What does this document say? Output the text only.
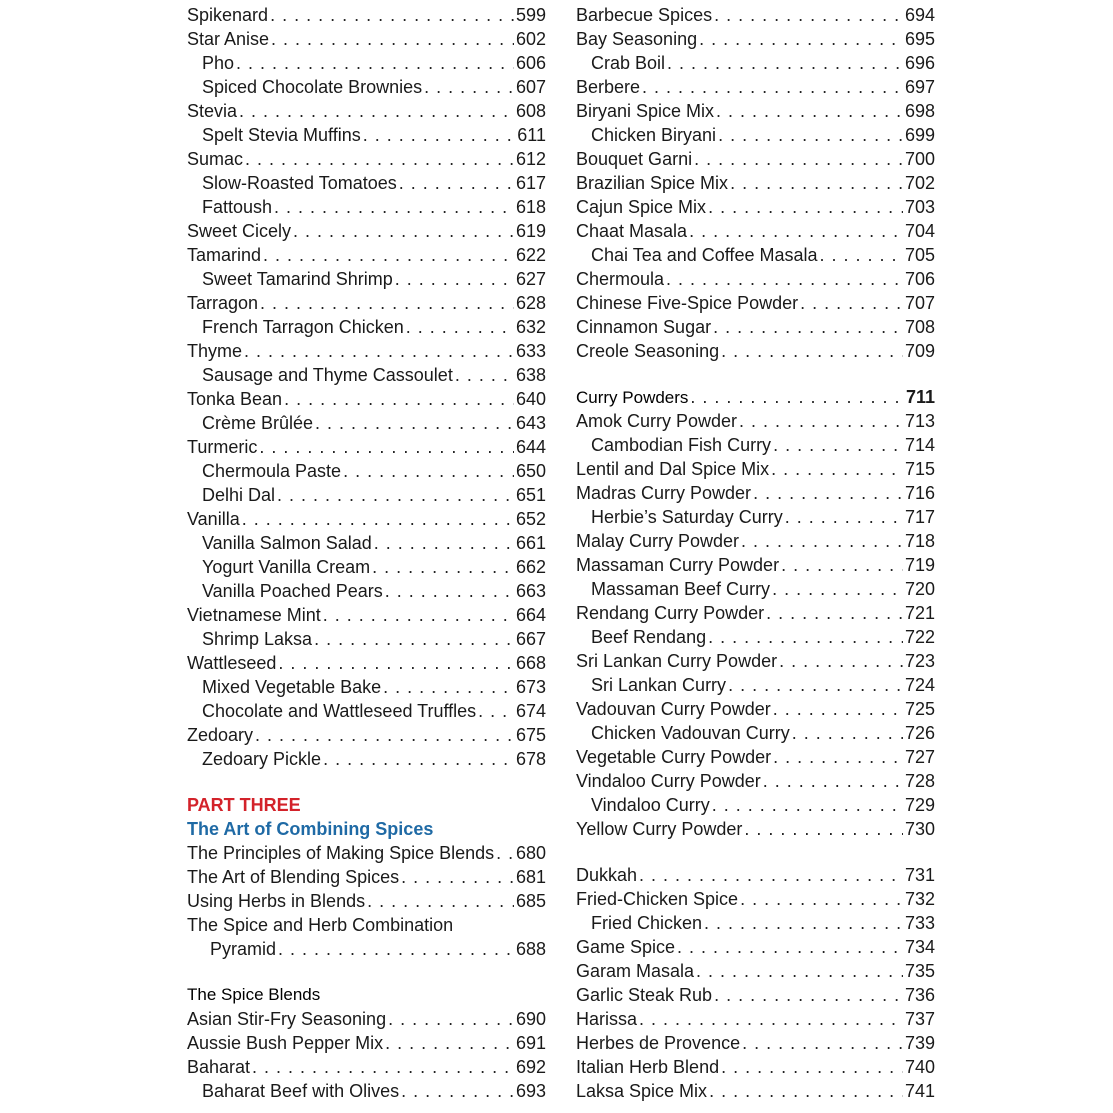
Spikenard . . .	599
Star Anise . . .	602
Pho . . .	606
Spiced Chocolate Brownies . . .	607
Stevia . . .	608
Spelt Stevia Muffins . . .	611
Sumac . . .	612
Slow-Roasted Tomatoes . . .	617
Fattoush . . .	618
Sweet Cicely . . .	619
Tamarind . . .	622
Sweet Tamarind Shrimp . . .	627
Tarragon . . .	628
French Tarragon Chicken . . .	632
Thyme . . .	633
Sausage and Thyme Cassoulet . . .	638
Tonka Bean . . .	640
Crème Brûlée . . .	643
Turmeric . . .	644
Chermoula Paste . . .	650
Delhi Dal . . .	651
Vanilla . . .	652
Vanilla Salmon Salad . . .	661
Yogurt Vanilla Cream . . .	662
Vanilla Poached Pears . . .	663
Vietnamese Mint . . .	664
Shrimp Laksa . . .	667
Wattleseed . . .	668
Mixed Vegetable Bake . . .	673
Chocolate and Wattleseed Truffles . . . 674
Zedoary . . .	675
Zedoary Pickle . . .	678
PART THREE
The Art of Combining Spices
The Principles of Making Spice Blends . . . 680
The Art of Blending Spices . . .	681
Using Herbs in Blends . . .	685
The Spice and Herb Combination
Pyramid . . .	688
The Spice Blends
Asian Stir-Fry Seasoning . . .	690
Aussie Bush Pepper Mix . . .	691
Baharat . . .	692
Baharat Beef with Olives . . .	693
Barbecue Spices . . .	694
Bay Seasoning . . .	695
Crab Boil . . .	696
Berbere . . .	697
Biryani Spice Mix . . .	698
Chicken Biryani . . .	699
Bouquet Garni . . .	700
Brazilian Spice Mix . . .	702
Cajun Spice Mix . . .	703
Chaat Masala . . .	704
Chai Tea and Coffee Masala . . .	705
Chermoula . . .	706
Chinese Five-Spice Powder . . .	707
Cinnamon Sugar . . .	708
Creole Seasoning . . .	709
Curry Powders . . .	711
Amok Curry Powder . . .	713
Cambodian Fish Curry . . .	714
Lentil and Dal Spice Mix . . .	715
Madras Curry Powder . . .	716
Herbie’s Saturday Curry . . .	717
Malay Curry Powder . . .	718
Massaman Curry Powder . . .	719
Massaman Beef Curry . . .	720
Rendang Curry Powder . . .	721
Beef Rendang . . .	722
Sri Lankan Curry Powder . . .	723
Sri Lankan Curry . . .	724
Vadouvan Curry Powder . . .	725
Chicken Vadouvan Curry . . .	726
Vegetable Curry Powder . . .	727
Vindaloo Curry Powder . . .	728
Vindaloo Curry . . .	729
Yellow Curry Powder . . .	730
Dukkah . . .	731
Fried-Chicken Spice . . .	732
Fried Chicken . . .	733
Game Spice . . .	734
Garam Masala . . .	735
Garlic Steak Rub . . .	736
Harissa . . .	737
Herbes de Provence . . .	739
Italian Herb Blend . . .	740
Laksa Spice Mix . . .	741
